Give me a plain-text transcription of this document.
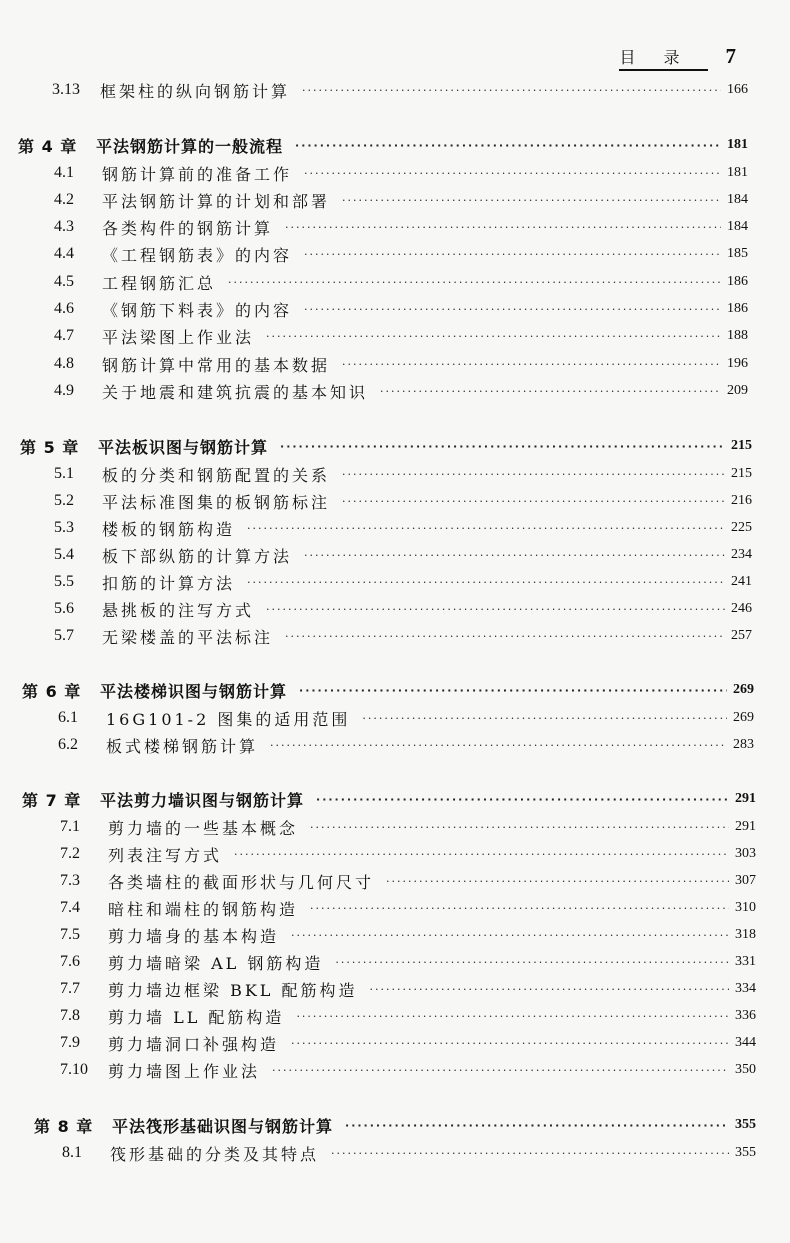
目录 7
3.13	框架柱的纵向钢筋计算 ·····	166
第 4 章	平法钢筋计算的一般流程 ·····	181
4.1	钢筋计算前的准备工作 ·····	181
4.2	平法钢筋计算的计划和部署 ·····	184
4.3	各类构件的钢筋计算 ·····	184
4.4	《工程钢筋表》的内容 ·····	185
4.5	工程钢筋汇总 ·····	186
4.6	《钢筋下料表》的内容 ·····	186
4.7	平法梁图上作业法 ·····	188
4.8	钢筋计算中常用的基本数据 ·····	196
4.9	关于地震和建筑抗震的基本知识 ·····	209
第 5 章	平法板识图与钢筋计算 ·····	215
5.1	板的分类和钢筋配置的关系 ·····	215
5.2	平法标准图集的板钢筋标注 ·····	216
5.3	楼板的钢筋构造 ·····	225
5.4	板下部纵筋的计算方法 ·····	234
5.5	扣筋的计算方法 ·····	241
5.6	悬挑板的注写方式 ·····	246
5.7	无梁楼盖的平法标注 ·····	257
第 6 章	平法楼梯识图与钢筋计算 ·····	269
6.1	16G101-2 图集的适用范围 ·····	269
6.2	板式楼梯钢筋计算 ·····	283
第 7 章	平法剪力墙识图与钢筋计算 ·····	291
7.1	剪力墙的一些基本概念 ·····	291
7.2	列表注写方式 ·····	303
7.3	各类墙柱的截面形状与几何尺寸 ·····	307
7.4	暗柱和端柱的钢筋构造 ·····	310
7.5	剪力墙身的基本构造 ·····	318
7.6	剪力墙暗梁 AL 钢筋构造 ·····	331
7.7	剪力墙边框梁 BKL 配筋构造 ·····	334
7.8	剪力墙 LL 配筋构造 ·····	336
7.9	剪力墙洞口补强构造 ·····	344
7.10	剪力墙图上作业法 ·····	350
第 8 章	平法筏形基础识图与钢筋计算 ·····	355
8.1	筏形基础的分类及其特点 ·····	355
